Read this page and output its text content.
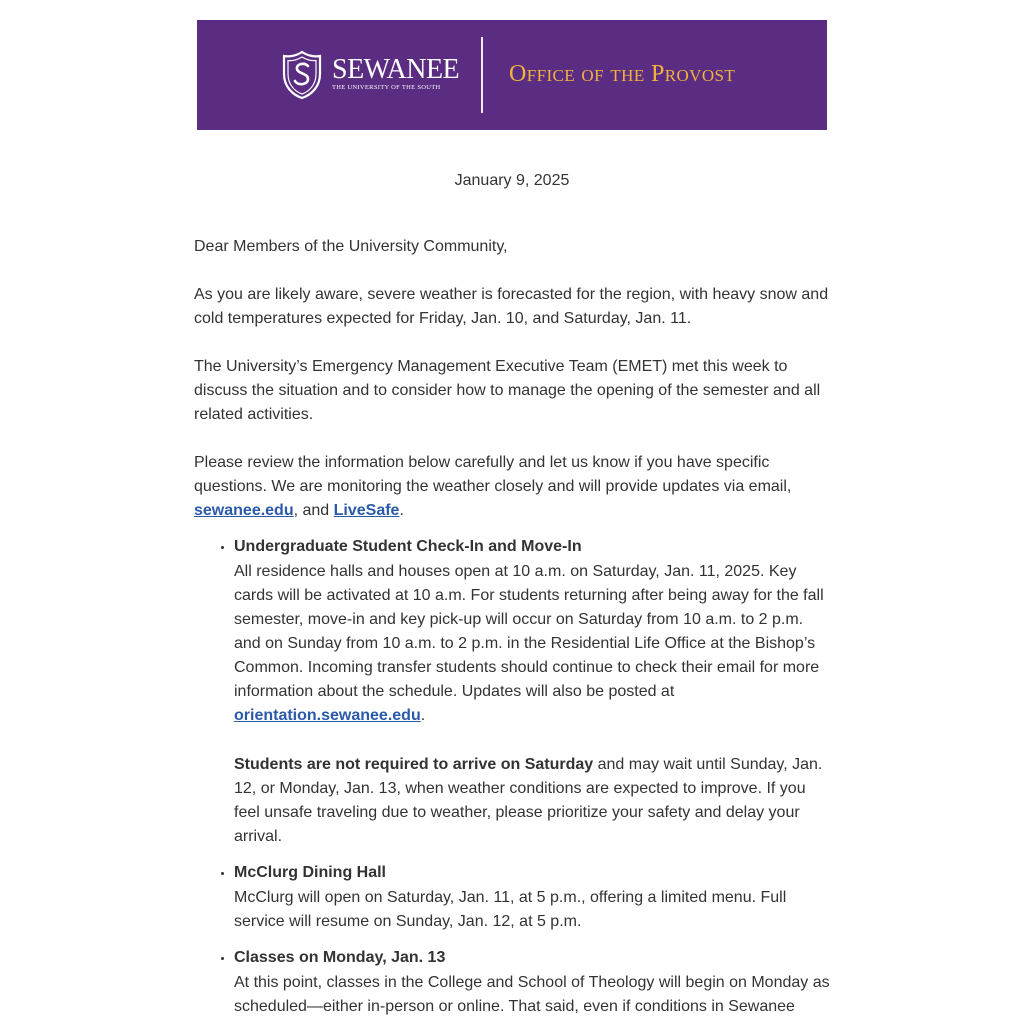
SEWANEE
THE UNIVERSITY OF THE SOUTH
Office of the Provost
January 9, 2025

Dear Members of the University Community,

As you are likely aware, severe weather is forecasted for the region, with heavy snow and cold temperatures expected for Friday, Jan. 10, and Saturday, Jan. 11.

The University’s Emergency Management Executive Team (EMET) met this week to discuss the situation and to consider how to manage the opening of the semester and all related activities.

Please review the information below carefully and let us know if you have specific questions. We are monitoring the weather closely and will provide updates via email, sewanee.edu, and LiveSafe.

• Undergraduate Student Check-In and Move-In
All residence halls and houses open at 10 a.m. on Saturday, Jan. 11, 2025. Key cards will be activated at 10 a.m. For students returning after being away for the fall semester, move-in and key pick-up will occur on Saturday from 10 a.m. to 2 p.m. and on Sunday from 10 a.m. to 2 p.m. in the Residential Life Office at the Bishop’s Common. Incoming transfer students should continue to check their email for more information about the schedule. Updates will also be posted at orientation.sewanee.edu.
Students are not required to arrive on Saturday and may wait until Sunday, Jan. 12, or Monday, Jan. 13, when weather conditions are expected to improve. If you feel unsafe traveling due to weather, please prioritize your safety and delay your arrival.
• McClurg Dining Hall
McClurg will open on Saturday, Jan. 11, at 5 p.m., offering a limited menu. Full service will resume on Sunday, Jan. 12, at 5 p.m.
• Classes on Monday, Jan. 13
At this point, classes in the College and School of Theology will begin on Monday as scheduled—either in-person or online. That said, even if conditions in Sewanee
